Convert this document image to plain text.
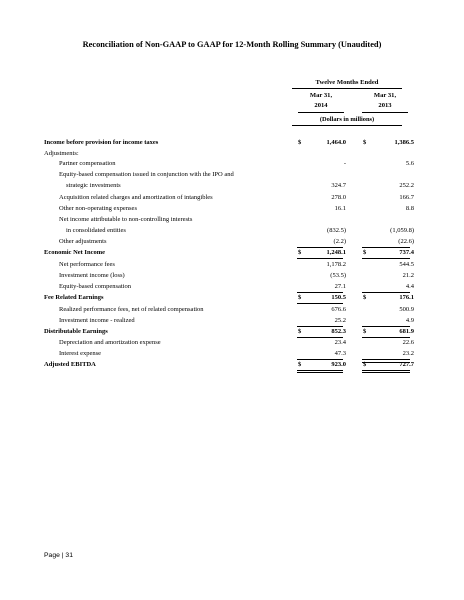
Reconciliation of Non-GAAP to GAAP for 12-Month Rolling Summary (Unaudited)
Twelve Months Ended
Mar 31,
2014
Mar 31,
2013
(Dollars in millions)
Income before provision for income taxes	$	1,464.0	$	1,386.5
Adjustments:
Partner compensation	-	5.6
Equity-based compensation issued in conjunction with the IPO and
strategic investments	324.7	252.2
Acquisition related charges and amortization of intangibles	278.0	166.7
Other non-operating expenses	16.1	8.8
Net income attributable to non-controlling interests
in consolidated entities	(832.5)	(1,059.8)
Other adjustments	(2.2)	(22.6)
Economic Net Income	$	1,248.1	$	737.4
Net performance fees	1,178.2	544.5
Investment income (loss)	(53.5)	21.2
Equity-based compensation	27.1	4.4
Fee Related Earnings	$	150.5	$	176.1
Realized performance fees, net of related compensation	676.6	500.9
Investment income - realized	25.2	4.9
Distributable Earnings	$	852.3	$	681.9
Depreciation and amortization expense	23.4	22.6
Interest expense	47.3	23.2
Adjusted EBITDA	$	923.0	$	727.7
Page | 31
